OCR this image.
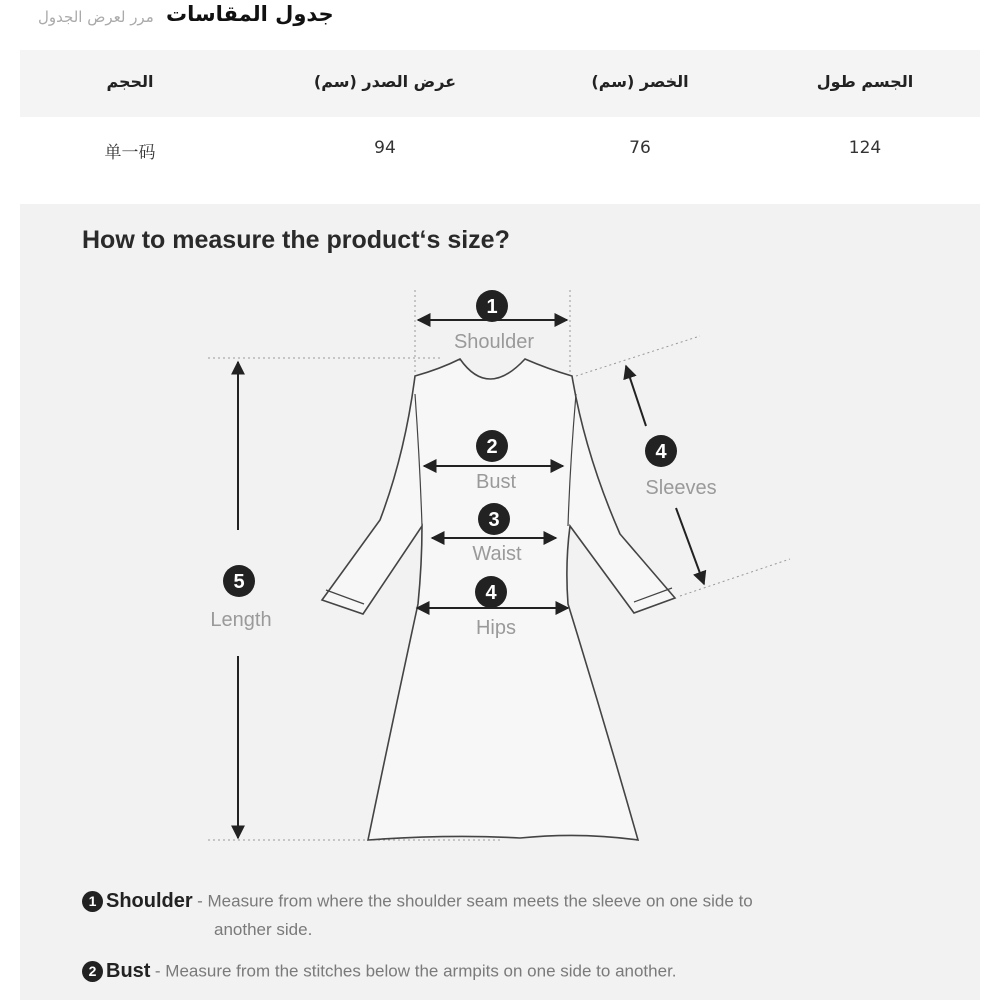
جدول المقاسات
مرر لعرض الجدول
الحجم	(عرض الصدر (سم	(الخصر (سم	الجسم طول
单一码	94	76	124
How to measure the product‘s size?
1
2
3
4
4
5
Shoulder
Bust
Waist
Hips
Sleeves
Length
1 Shoulder - Measure from where the shoulder seam meets the sleeve on one side to
another side.
2 Bust - Measure from the stitches below the armpits on one side to another.
